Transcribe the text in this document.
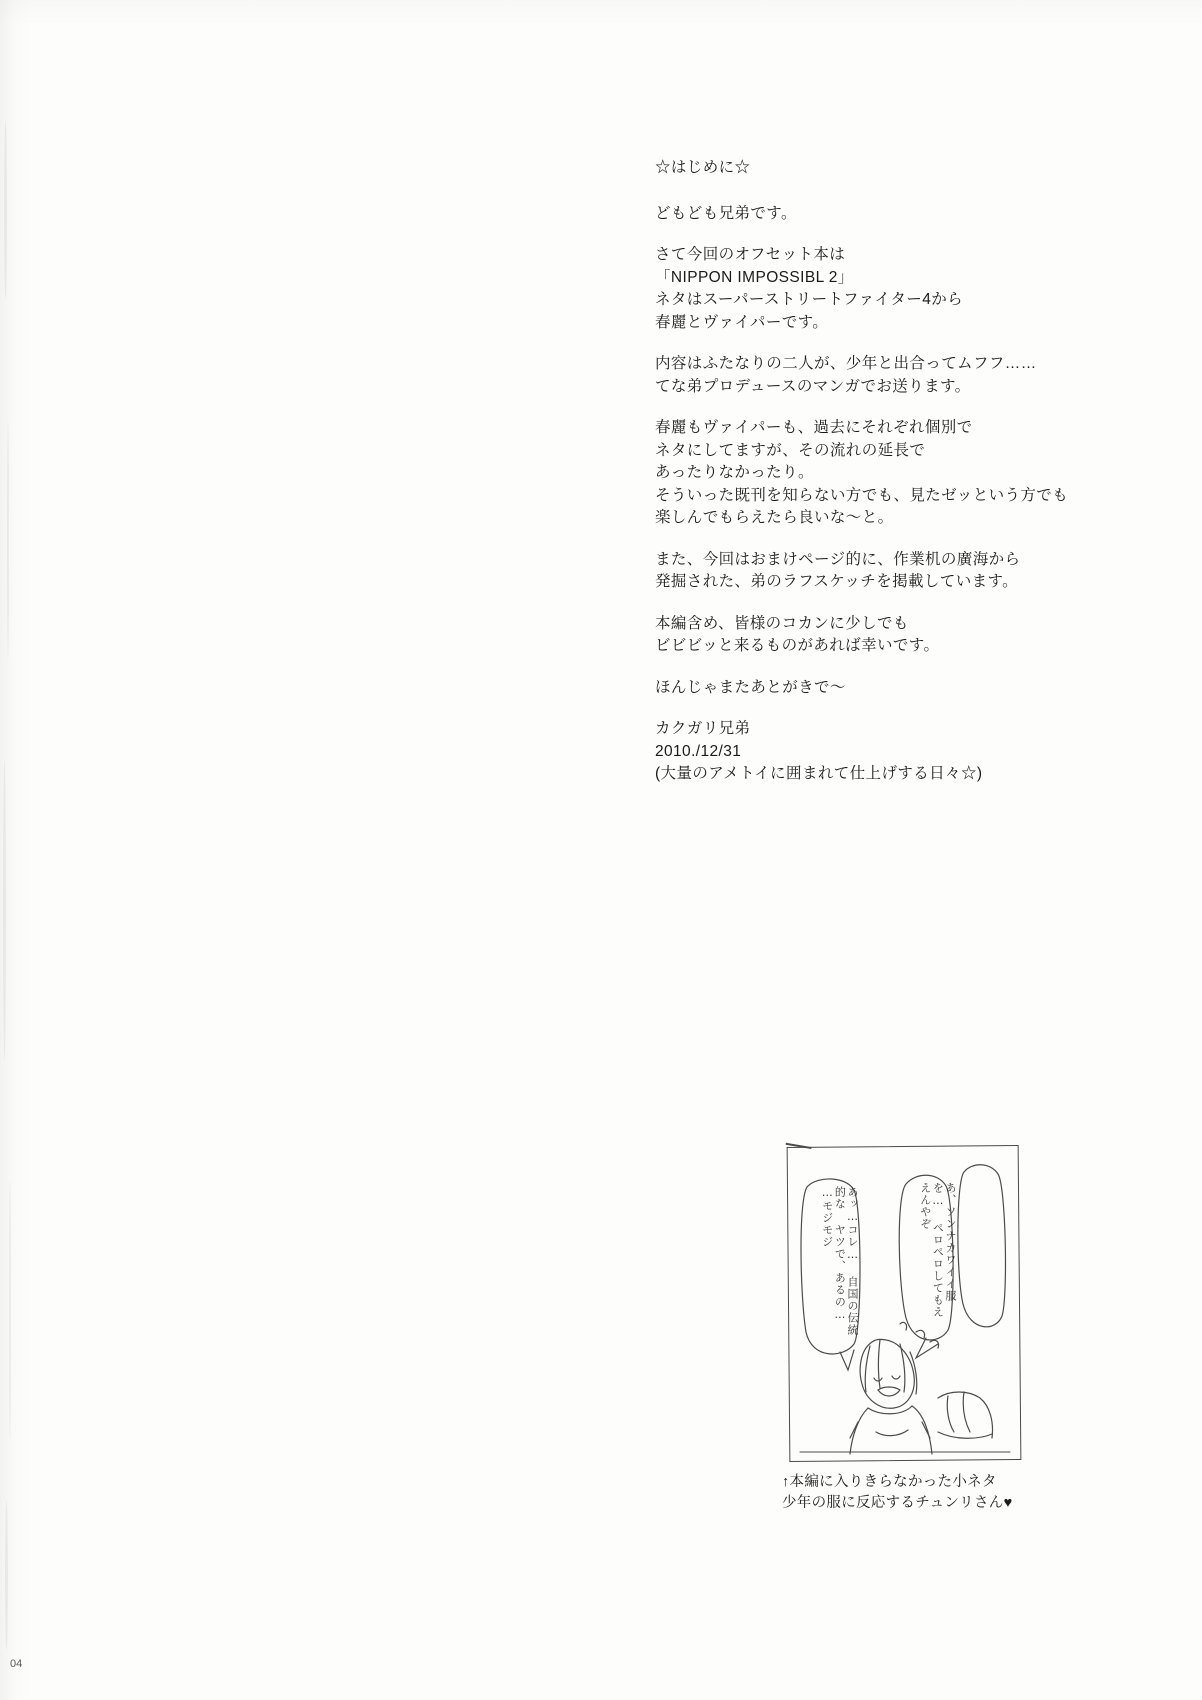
☆はじめに☆
どもども兄弟です。
さて今回のオフセット本は
「NIPPON IMPOSSIBL 2」
ネタはスーパーストリートファイター4から
春麗とヴァイパーです。
内容はふたなりの二人が、少年と出合ってムフフ……
てな弟プロデュースのマンガでお送ります。
春麗もヴァイパーも、過去にそれぞれ個別で
ネタにしてますが、その流れの延長で
あったりなかったり。
そういった既刊を知らない方でも、見たゼッという方でも
楽しんでもらえたら良いな～と。
また、今回はおまけページ的に、作業机の廣海から
発掘された、弟のラフスケッチを掲載しています。
本編含め、皆様のコカンに少しでも
ビビビッと来るものがあれば幸いです。
ほんじゃまたあとがきで～
カクガリ兄弟
2010./12/31
(大量のアメトイに囲まれて仕上げする日々☆)
あッ…コレ… 自国の伝統的な ヤツで、あるの… …モジモジ	あ、ソンナカワイイ服を… ペロペロしてもええんやぞ
↑本編に入りきらなかった小ネタ
少年の服に反応するチュンリさん♥
04
